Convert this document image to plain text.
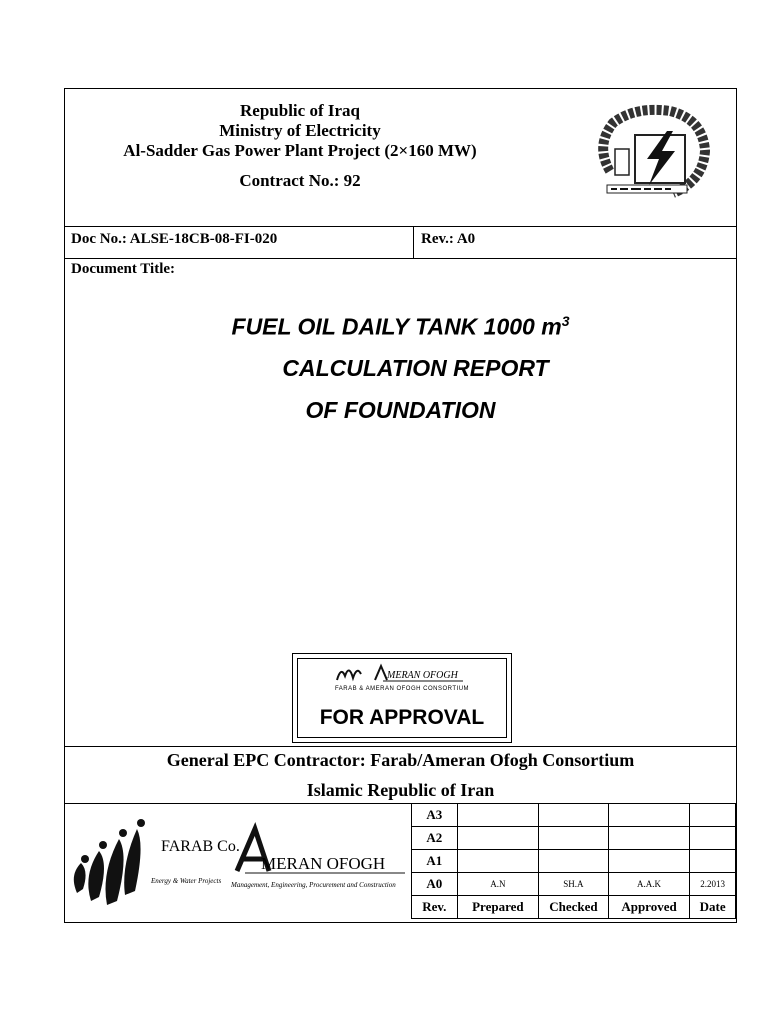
Republic of Iraq
Ministry of Electricity
Al-Sadder Gas Power Plant Project (2×160 MW)
Contract No.: 92
Doc No.: ALSE-18CB-08-FI-020	Rev.: A0
Document Title:
FUEL OIL DAILY TANK 1000 $m^3$
CALCULATION REPORT
OF FOUNDATION
MERAN OFOGH
FARAB & AMERAN OFOGH CONSORTIUM
FOR APPROVAL
General EPC Contractor: Farab/Ameran Ofogh Consortium
Islamic Republic of Iran
FARAB Co.
Energy & Water Projects
MERAN OFOGH
Management, Engineering, Procurement and Construction
A3				
A2				
A1				
A0	A.N	SH.A	A.A.K	2.2013
Rev.	Prepared	Checked	Approved	Date
